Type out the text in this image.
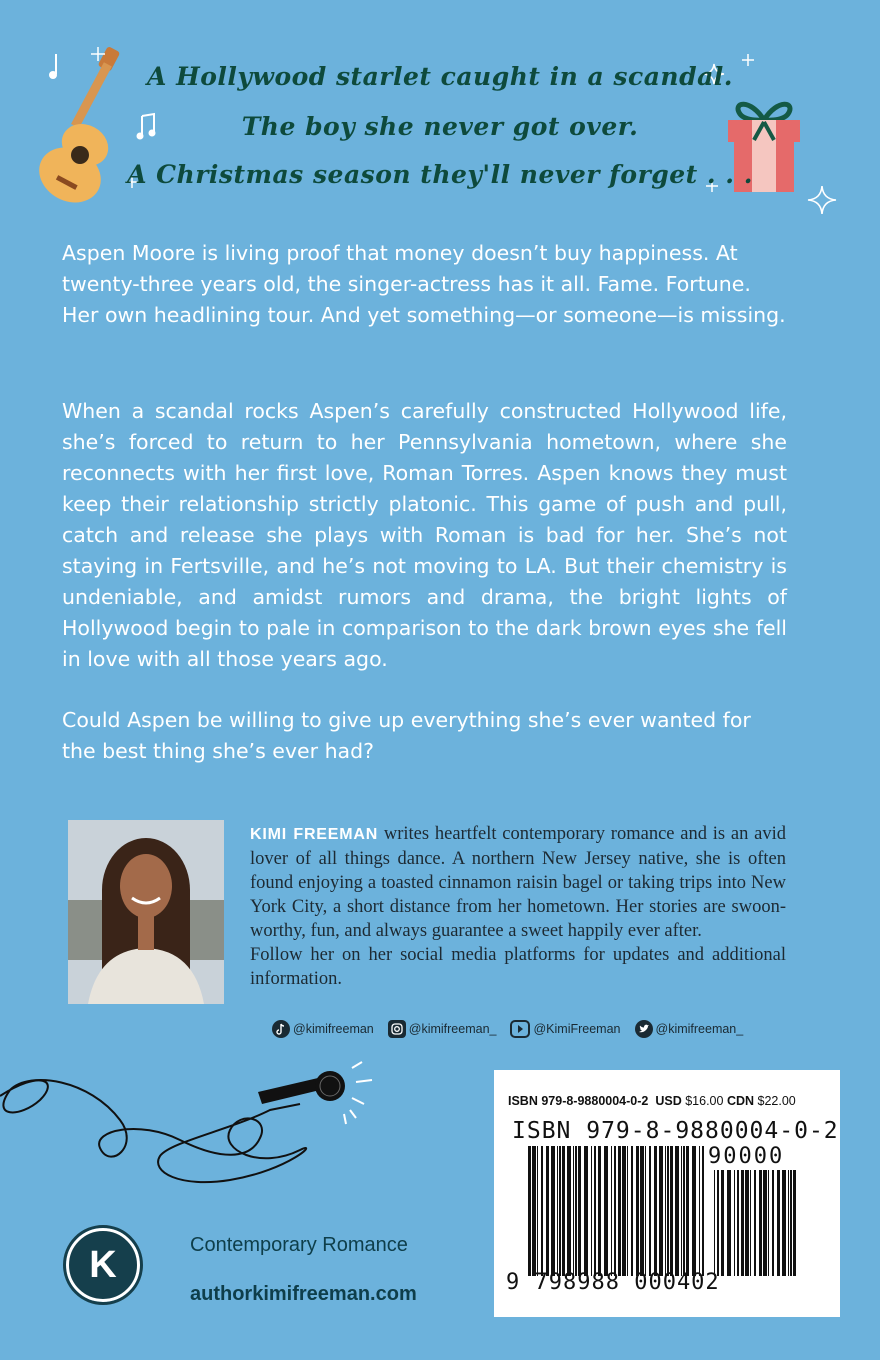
A Hollywood starlet caught in a scandal.
The boy she never got over.
A Christmas season they'll never forget . . .

Aspen Moore is living proof that money doesn’t buy happiness. At twenty-three years old, the singer-actress has it all. Fame. Fortune. Her own headlining tour. And yet something—or someone—is missing.

When a scandal rocks Aspen’s carefully constructed Hollywood life, she’s forced to return to her Pennsylvania hometown, where she reconnects with her first love, Roman Torres. Aspen knows they must keep their relationship strictly platonic. This game of push and pull, catch and release she plays with Roman is bad for her. She’s not staying in Fertsville, and he’s not moving to LA. But their chemistry is undeniable, and amidst rumors and drama, the bright lights of Hollywood begin to pale in comparison to the dark brown eyes she fell in love with all those years ago.

Could Aspen be willing to give up everything she’s ever wanted for the best thing she’s ever had?

KIMI FREEMAN writes heartfelt contemporary romance and is an avid lover of all things dance. A northern New Jersey native, she is often found enjoying a toasted cinnamon raisin bagel or taking trips into New York City, a short distance from her hometown. Her stories are swoon-worthy, fun, and always guarantee a sweet happily ever after.
Follow her on her social media platforms for updates and additional information.

@kimifreeman	@kimifreeman_	@KimiFreeman	@kimifreeman_
ISBN 979-8-9880004-0-2 USD $16.00 CDN $22.00
ISBN 979-8-9880004-0-2
90000
9 798988 000402
K	Contemporary Romance
authorkimifreeman.com
